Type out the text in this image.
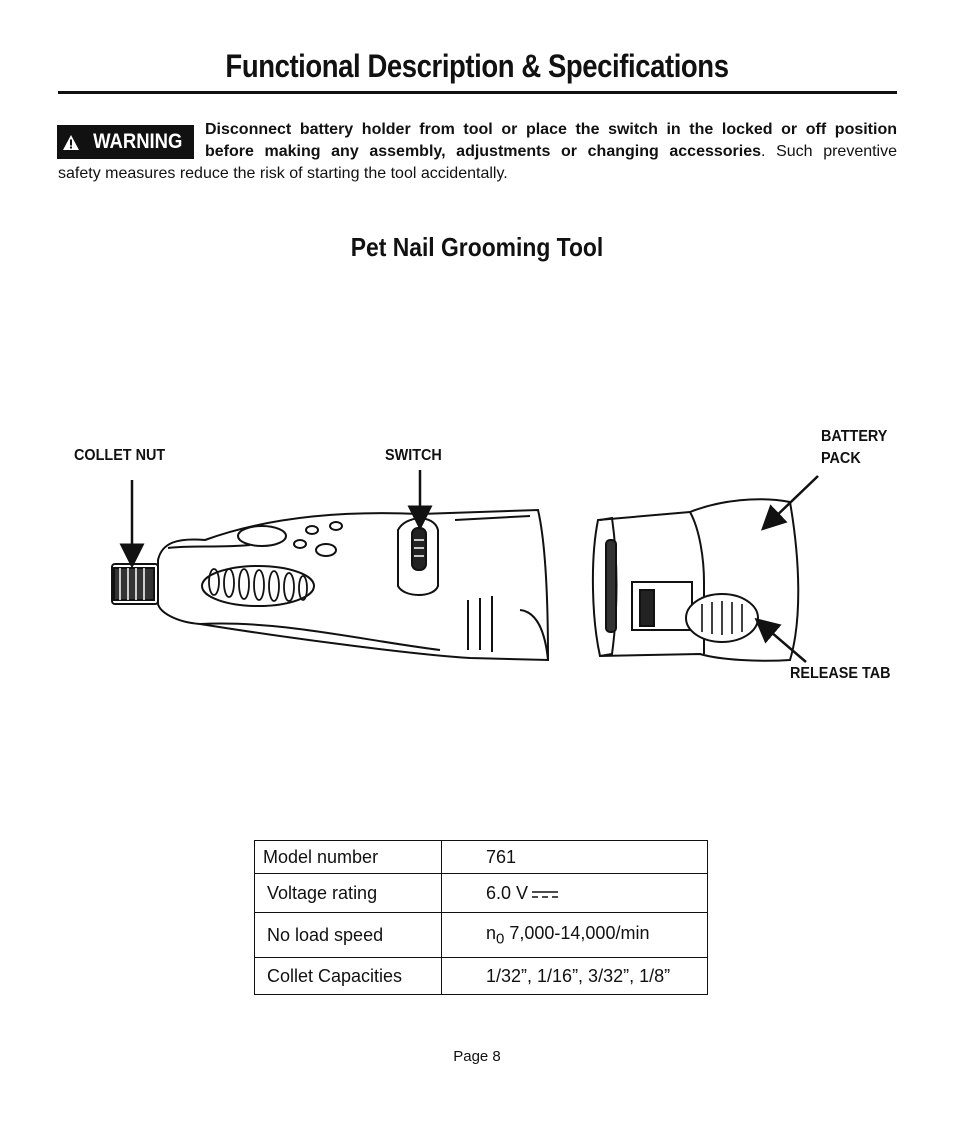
Functional Description & Specifications
WARNING
Disconnect battery holder from tool or place the switch in the locked or off position
before making any assembly, adjustments or changing accessories. Such preventive
safety measures reduce the risk of starting the tool accidentally.
Pet Nail Grooming Tool
COLLET NUT	SWITCH
BATTERY
PACK
RELEASE TAB
Model number	761
Voltage rating	6.0 V
No load speed	$n_0$ 7,000-14,000/min
Collet Capacities	1/32”, 1/16”, 3/32”, 1/8”
Page 8
